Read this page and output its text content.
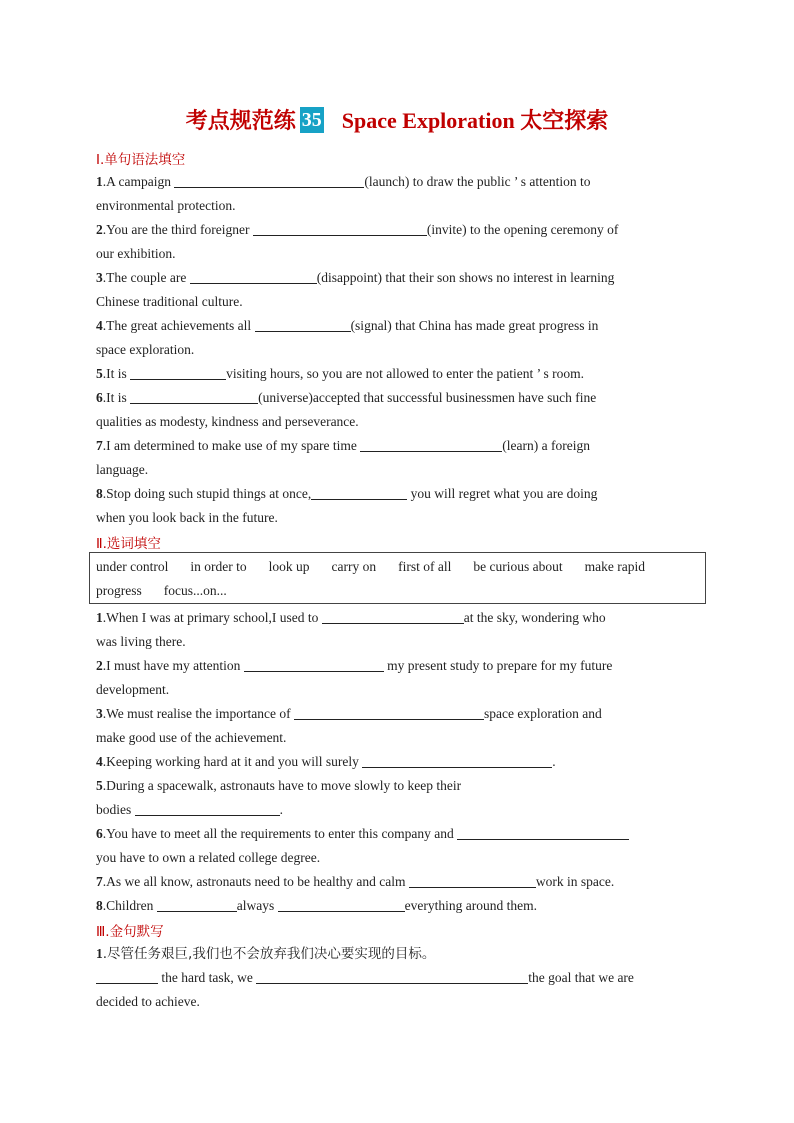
考点规范练 35 Space Exploration 太空探索
Ⅰ.单句语法填空
1.A campaign	(launch) to draw the public ’ s attention to
environmental protection.
2.You are the third foreigner	(invite) to the opening ceremony of
our exhibition.
3.The couple are	(disappoint) that their son shows no interest in learning
Chinese traditional culture.
4.The great achievements all	(signal) that China has made great progress in
space exploration.
5.It is	visiting hours, so you are not allowed to enter the patient ’ s room.
6.It is	(universe)accepted that successful businessmen have such fine
qualities as modesty, kindness and perseverance.
7.I am determined to make use of my spare time	(learn) a foreign
language.
8.Stop doing such stupid things at once,	you will regret what you are doing
when you look back in the future.
Ⅱ.选词填空
under control in order to look up carry on first of all be curious about make rapid
progress focus...on...
1.When I was at primary school,I used to	at the sky, wondering who
was living there.
2.I must have my attention	my present study to prepare for my future
development.
3.We must realise the importance of	space exploration and
make good use of the achievement.
4.Keeping working hard at it and you will surely	.
5.During a spacewalk, astronauts have to move slowly to keep their
bodies	.
6.You have to meet all the requirements to enter this company and
you have to own a related college degree.
7.As we all know, astronauts need to be healthy and calm	work in space.
8.Children	always	everything around them.
Ⅲ.金句默写
1.尽管任务艰巨,我们也不会放弃我们决心要实现的目标。
the hard task, we	the goal that we are
decided to achieve.
